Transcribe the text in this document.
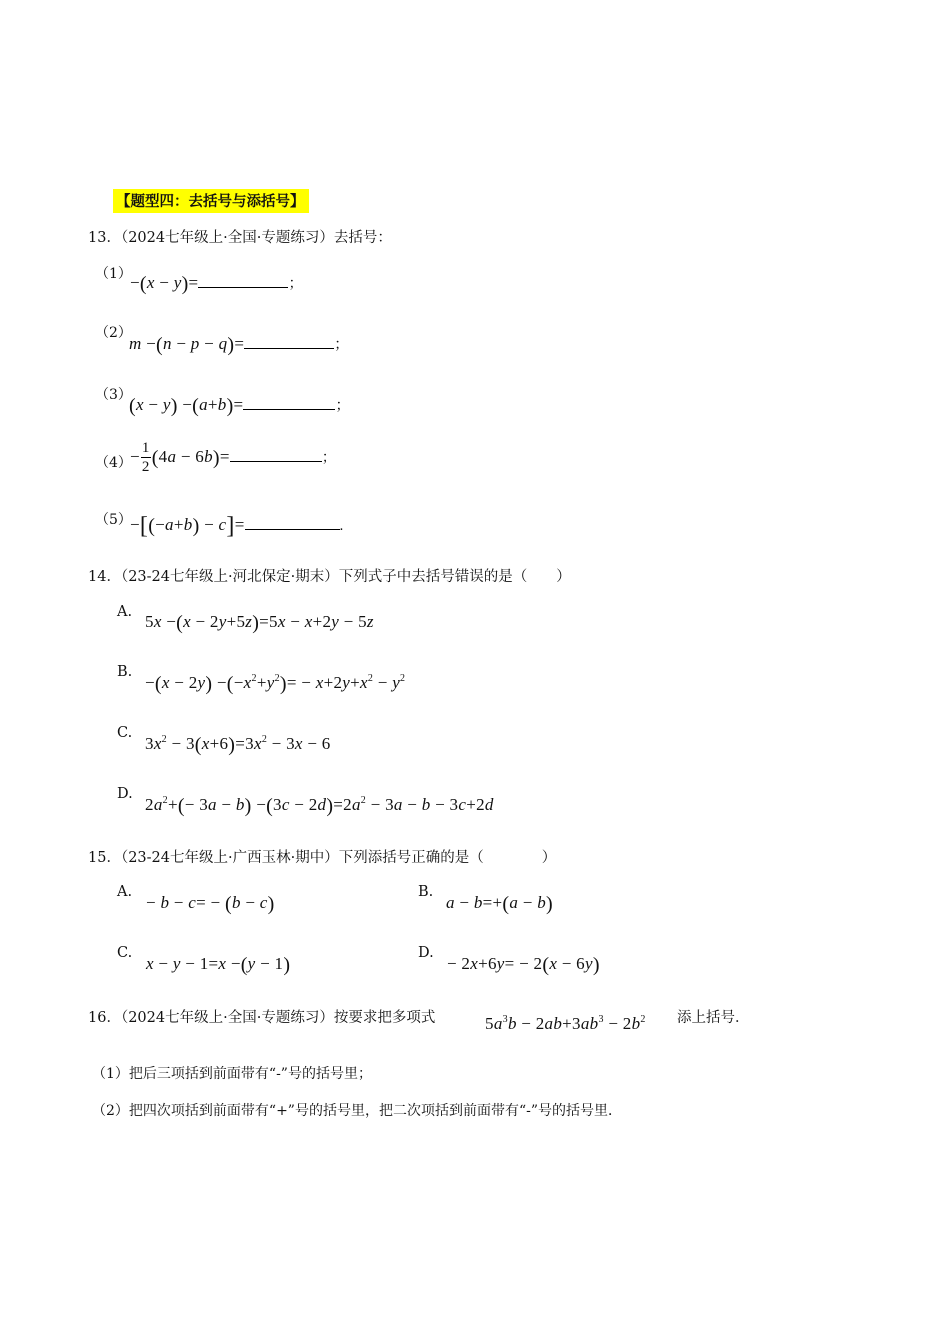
【题型四：去括号与添括号】
13．（2024七年级上·全国·专题练习）去括号：
（1）
−(x − y)=	；
（2）
m −(n − p − q)=	；
（3）
(x − y) −(a+b)=	；
（4）
− $\frac{1}{2} (4a - 6b)=$	；
（5）
−[(−a+b) − c]=	.
14．（23-24七年级上·河北保定·期末）下列式子中去括号错误的是（　　）
A. 5x −(x − 2y+5z)=5x − x+2y − 5z
B.
$-(x - 2y) -(-x^2+y^2)= - x+2y+x^2 - y^2$
C.
$3x^2 - 3(x+6)=3x^2 - 3x - 6$
D.
$2a^2+(- 3a - b) -(3c - 2d)=2a^2 - 3a - b - 3c+2d$
15．（23-24七年级上·广西玉林·期中）下列添括号正确的是（　　　　）
A.
− b − c= − (b − c)
B.
a − b=+(a − b)
C.
x − y − 1=x −(y − 1)
D.
− 2x+6y= − 2(x − 6y)
16．（2024七年级上·全国·专题练习）按要求把多项式	$5a^3b - 2ab+3ab^3 - 2b^2$ 添上括号．
（1）把后三项括到前面带有“-”号的括号里；
（2）把四次项括到前面带有“+”号的括号里，把二次项括到前面带有“-”号的括号里．
